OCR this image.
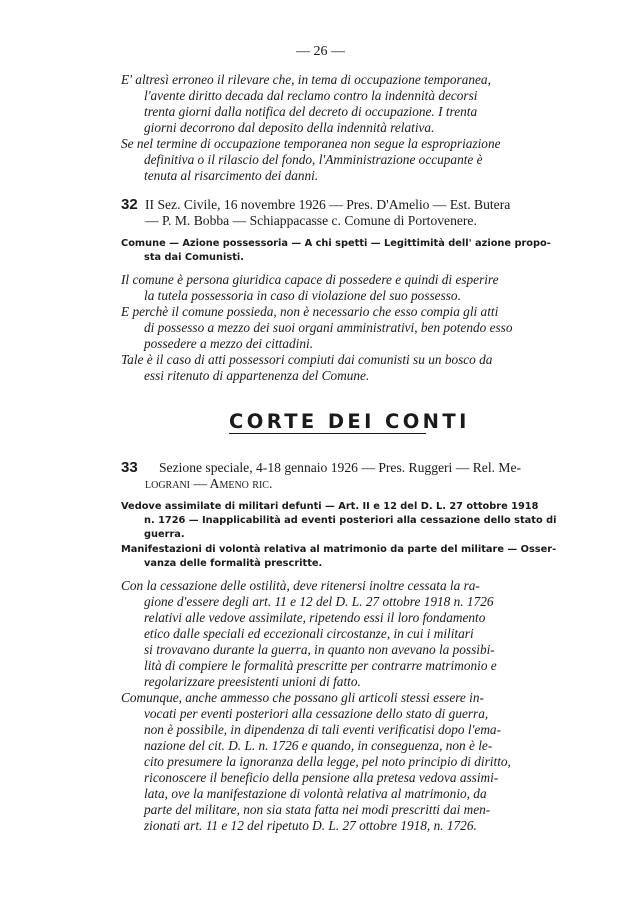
— 26 —
E' altresì erroneo il rilevare che, in tema di occupazione temporanea,
l'avente diritto decada dal reclamo contro la indennità decorsi
trenta giorni dalla notifica del decreto di occupazione. I trenta
giorni decorrono dal deposito della indennità relativa.
Se nel termine di occupazione temporanea non segue la espropriazione
definitiva o il rilascio del fondo, l'Amministrazione occupante è
tenuta al risarcimento dei danni.
32 II Sez. Civile, 16 novembre 1926 — Pres. D'Amelio — Est. Butera
— P. M. Bobba — Schiappacasse c. Comune di Portovenere.
Comune — Azione possessoria — A chi spetti — Legittimità dell' azione propo-
sta dai Comunisti.
Il comune è persona giuridica capace di possedere e quindi di esperire
la tutela possessoria in caso di violazione del suo possesso.
E perchè il comune possieda, non è necessario che esso compia gli atti
di possesso a mezzo dei suoi organi amministrativi, ben potendo esso
possedere a mezzo dei cittadini.
Tale è il caso di atti possessori compiuti dai comunisti su un bosco da
essi ritenuto di appartenenza del Comune.
CORTE DEI CONTI
33 Sezione speciale, 4-18 gennaio 1926 — Pres. Ruggeri — Rel. Me-
lograni — Ameno ric.
Vedove assimilate di militari defunti — Art. II e 12 del D. L. 27 ottobre 1918
n. 1726 — Inapplicabilità ad eventi posteriori alla cessazione dello stato di
guerra.
Manifestazioni di volontà relativa al matrimonio da parte del militare — Osser-
vanza delle formalità prescritte.
Con la cessazione delle ostilità, deve ritenersi inoltre cessata la ra-
gione d'essere degli art. 11 e 12 del D. L. 27 ottobre 1918 n. 1726
relativi alle vedove assimilate, ripetendo essi il loro fondamento
etico dalle speciali ed eccezionali circostanze, in cui i militari
si trovavano durante la guerra, in quanto non avevano la possibi-
lità di compiere le formalità prescritte per contrarre matrimonio e
regolarizzare preesistenti unioni di fatto.
Comunque, anche ammesso che possano gli articoli stessi essere in-
vocati per eventi posteriori alla cessazione dello stato di guerra,
non è possibile, in dipendenza di tali eventi verificatisi dopo l'ema-
nazione del cit. D. L. n. 1726 e quando, in conseguenza, non è le-
cito presumere la ignoranza della legge, pel noto principio di diritto,
riconoscere il beneficio della pensione alla pretesa vedova assimi-
lata, ove la manifestazione di volontà relativa al matrimonio, da
parte del militare, non sia stata fatta nei modi prescritti dai men-
zionati art. 11 e 12 del ripetuto D. L. 27 ottobre 1918, n. 1726.
